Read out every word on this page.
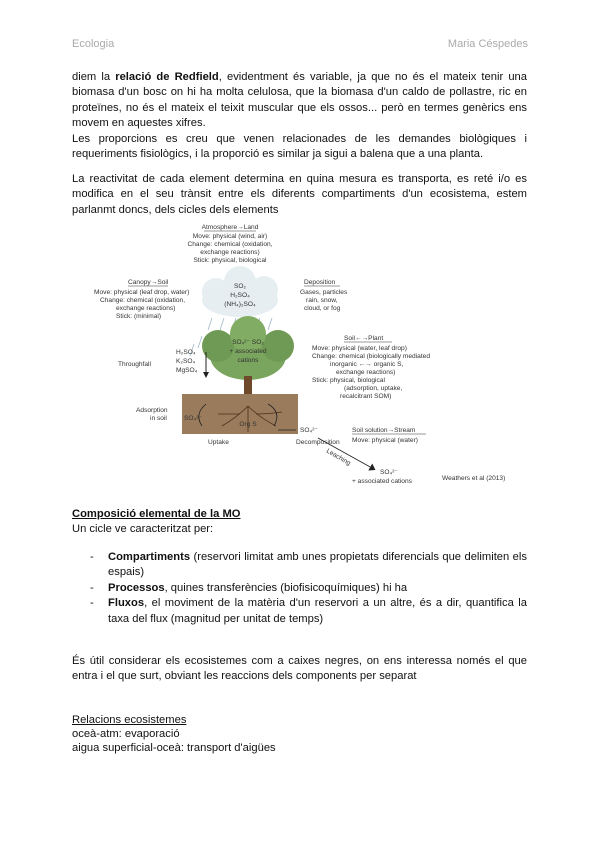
Ecologia	Maria Céspedes

diem la relació de Redfield, evidentment és variable, ja que no és el mateix tenir una biomasa d'un bosc on hi ha molta celulosa, que la biomasa d'un caldo de pollastre, ric en proteïnes, no és el mateix el teixit muscular que els ossos... però en termes genèrics ens movem en aquestes xifres.

Les proporcions es creu que venen relacionades de les demandes biològiques i requeriments fisiològics, i la proporció es similar ja sigui a balena que a una planta.

La reactivitat de cada element determina en quina mesura es transporta, es reté i/o es modifica en el seu trànsit entre els diferents compartiments d'un ecosistema, estem parlanmt doncs, dels cicles dels elements

Atmosphere→Land
Move: physical (wind, air)
Change: chemical (oxidation,
exchange reactions)
Stick: physical, biological
SO₂
H₂SO₄
(NH₄)₂SO₄
Canopy→Soil
Move: physical (leaf drop, water)
Change: chemical (oxidation,
exchange reactions)
Stick: (minimal)
Deposition
Gases, particles
rain, snow,
cloud, or fog
SO₄²⁻ SO₂
+ associated
cations
Throughfall
H₂SO₄
K₂SO₄
MgSO₄
Org S
Soil←→Plant
Move: physical (water, leaf drop)
Change: chemical (biologically mediated
inorganic ←→ organic S,
exchange reactions)
Stick: physical, biological
(adsorption, uptake,
recalcitrant SOM)
Adsorption
in soil	SO₄²⁻
Uptake
SO₄²⁻
Decomposition
Soil solution→Stream
Move: physical (water)
Leaching
SO₄²⁻
+ associated cations	Weathers et al (2013)
Composició elemental de la MO
Un cicle ve caracteritzat per:
- Compartiments (reservori limitat amb unes propietats diferencials que delimiten els espais)
- Processos, quines transferències (biofisicoquímiques) hi ha
- Fluxos, el moviment de la matèria d'un reservori a un altre, és a dir, quantifica la taxa del flux (magnitud per unitat de temps)

És útil considerar els ecosistemes com a caixes negres, on ens interessa només el que entra i el que surt, obviant les reaccions dels components per separat

Relacions ecosistemes
oceà-atm: evaporació
aigua superficial-oceà: transport d'aigües
